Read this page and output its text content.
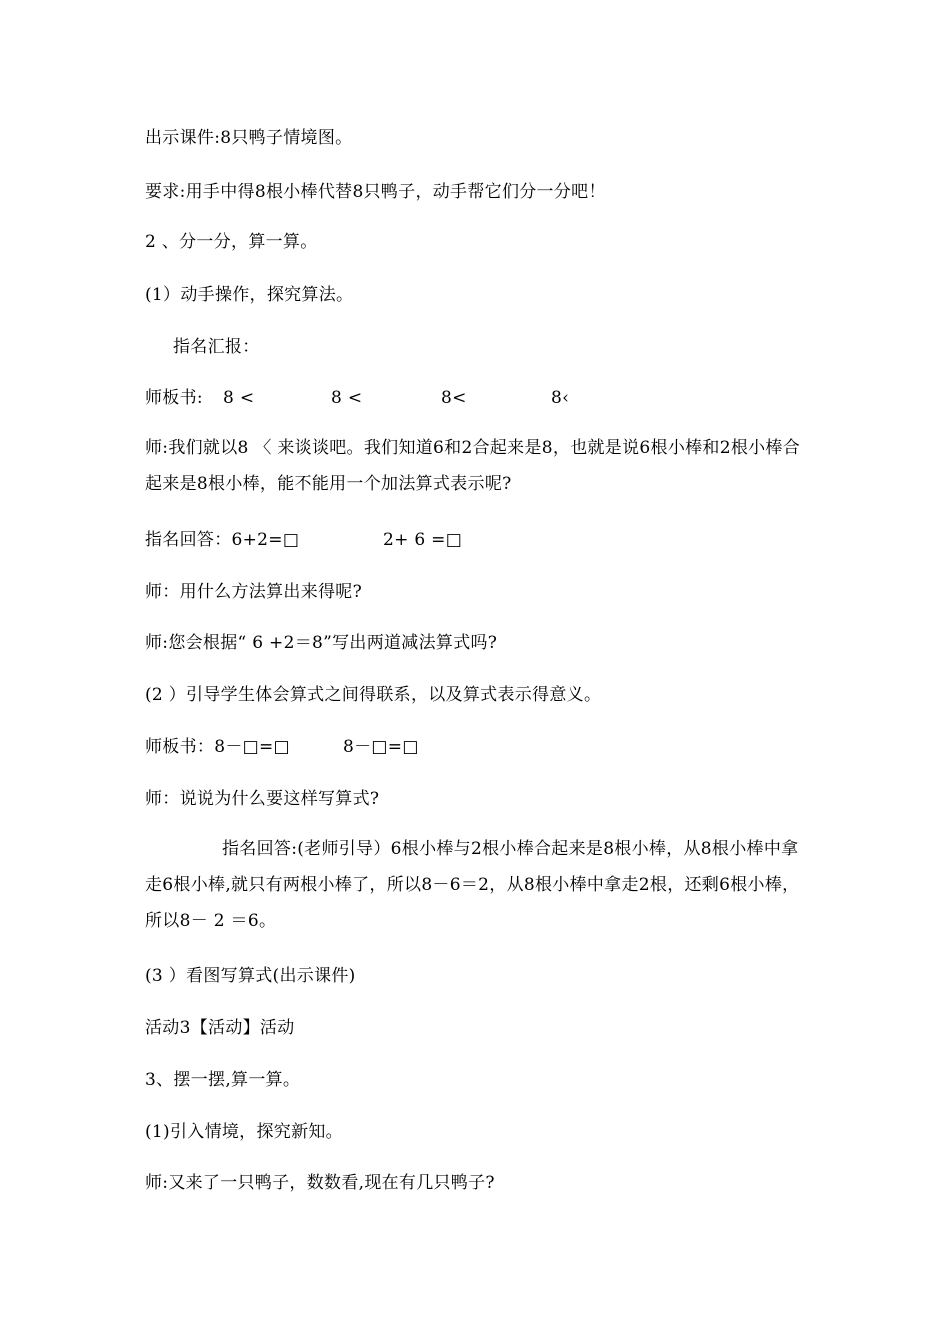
出示课件:8只鸭子情境图。
要求:用手中得8根小棒代替8只鸭子，动手帮它们分一分吧！
2 、分一分，算一算。
(1）动手操作，探究算法。
指名汇报：
师板书: 8 <	8 <	8<	8‹
师:我们就以8 〈 来谈谈吧。我们知道6和2合起来是8，也就是说6根小棒和2根小棒合起来是8根小棒，能不能用一个加法算式表示呢?
指名回答：6+2=□	2+ 6 =□
师：用什么方法算出来得呢?
师:您会根据“ 6 +2＝8”写出两道减法算式吗?
(2 ）引导学生体会算式之间得联系，以及算式表示得意义。
师板书：8－□=□	8－□=□
师：说说为什么要这样写算式?
指名回答:(老师引导）6根小棒与2根小棒合起来是8根小棒，从8根小棒中拿走6根小棒,就只有两根小棒了，所以8－6＝2，从8根小棒中拿走2根，还剩6根小棒，所以8－ 2 ＝6。
(3 ）看图写算式(出示课件)
活动3【活动】活动
3、摆一摆,算一算。
(1)引入情境，探究新知。
师:又来了一只鸭子，数数看,现在有几只鸭子?
